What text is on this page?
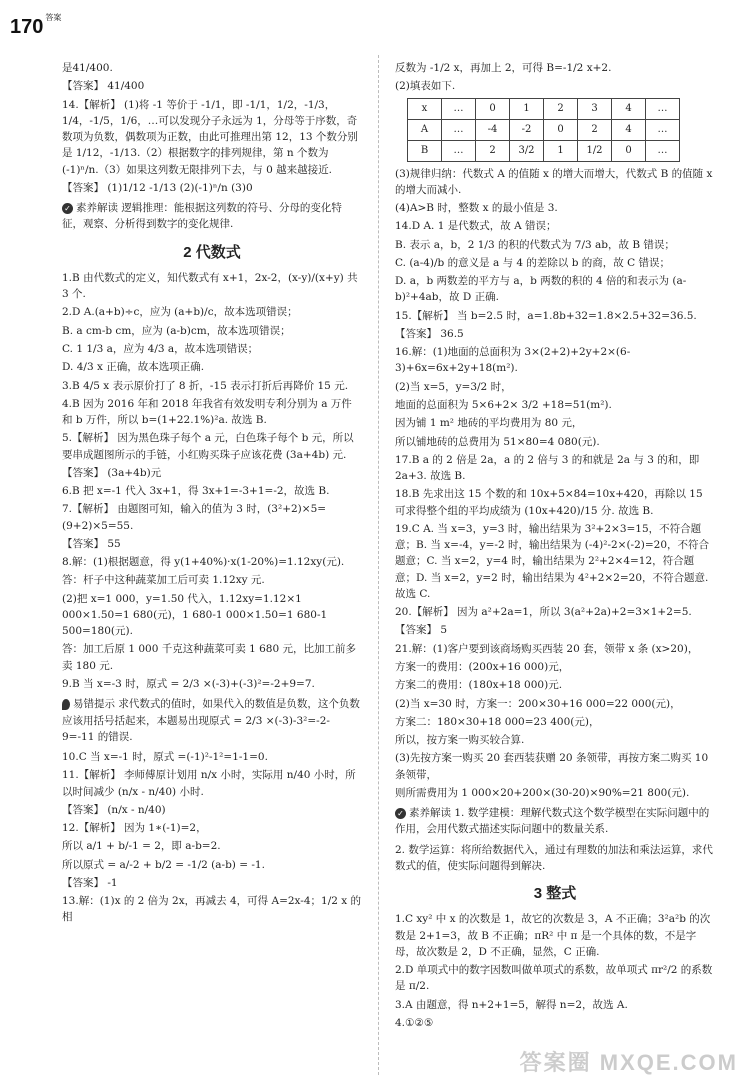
170 $^{答案}$

是41/400.

【答案】 41/400

14.【解析】 (1)将 -1 等价于 -1/1，即 -1/1，1/2，-1/3，1/4，-1/5，1/6，…可以发现分子永远为 1，分母等于序数，奇数项为负数，偶数项为正数，由此可推理出第 12，13 个数分别是 1/12，-1/13.（2）根据数字的排列规律，第 n 个数为 (-1)ⁿ/n.（3）如果这列数无限排列下去，与 0 越来越接近.

【答案】 (1)1/12 -1/13 (2)(-1)ⁿ/n (3)0

✓ 素养解读 逻辑推理：能根据这列数的符号、分母的变化特征，观察、分析得到数字的变化规律.

2 代数式

1.B 由代数式的定义，知代数式有 x+1，2x-2，(x-y)/(x+y) 共 3 个.

2.D A.(a+b)÷c，应为 (a+b)/c，故本选项错误；

B. a cm-b cm，应为 (a-b)cm，故本选项错误；

C. 1 1/3 a，应为 4/3 a，故本选项错误；

D. 4/3 x 正确，故本选项正确.

3.B 4/5 x 表示原价打了 8 折，-15 表示打折后再降价 15 元.

4.B 因为 2016 年和 2018 年我省有效发明专利分别为 a 万件和 b 万件，所以 b=(1+22.1%)²a. 故选 B.

5.【解析】 因为黑色珠子每个 a 元，白色珠子每个 b 元，所以要串成题图所示的手链，小红购买珠子应该花费 (3a+4b) 元.

【答案】 (3a+4b)元

6.B 把 x=-1 代入 3x+1，得 3x+1=-3+1=-2，故选 B.

7.【解析】 由题图可知，输入的值为 3 时，(3²+2)×5=(9+2)×5=55.

【答案】 55

8.解：(1)根据题意，得 y(1+40%)·x(1-20%)=1.12xy(元).

答：杆子中这种蔬菜加工后可卖 1.12xy 元.

(2)把 x=1 000，y=1.50 代入，1.12xy=1.12×1 000×1.50=1 680(元)，1 680-1 000×1.50=1 680-1 500=180(元).

答：加工后原 1 000 千克这种蔬菜可卖 1 680 元，比加工前多卖 180 元.

9.B 当 x=-3 时，原式 = 2/3 ×(-3)+(-3)²=-2+9=7.

易错提示 求代数式的值时，如果代入的数值是负数，这个负数应该用括号括起来，本题易出现原式 = 2/3 ×(-3)-3²=-2-9=-11 的错误.

10.C 当 x=-1 时，原式 =(-1)²-1²=1-1=0.

11.【解析】 李师傅原计划用 n/x 小时，实际用 n/40 小时，所以时间减少 (n/x - n/40) 小时.

【答案】 (n/x - n/40)

12.【解析】 因为 1∗(-1)=2，

所以 a/1 + b/-1 = 2，即 a-b=2.

所以原式 = a/-2 + b/2 = -1/2 (a-b) = -1.

【答案】 -1

13.解：(1)x 的 2 倍为 2x，再减去 4，可得 A=2x-4；1/2 x 的相

反数为 -1/2 x，再加上 2，可得 B=-1/2 x+2.

(2)填表如下.

x	…	0	1	2	3	4	…
A	…	-4	-2	0	2	4	…
B	…	2	3/2	1	1/2	0	…

(3)规律归纳：代数式 A 的值随 x 的增大而增大，代数式 B 的值随 x 的增大而减小.

(4)A>B 时，整数 x 的最小值是 3.

14.D A. 1 是代数式，故 A 错误；

B. 表示 a，b，2 1/3 的积的代数式为 7/3 ab，故 B 错误；

C. (a-4)/b 的意义是 a 与 4 的差除以 b 的商，故 C 错误；

D. a，b 两数差的平方与 a，b 两数的积的 4 倍的和表示为 (a-b)²+4ab，故 D 正确.

15.【解析】 当 b=2.5 时，a=1.8b+32=1.8×2.5+32=36.5.

【答案】 36.5

16.解：(1)地面的总面积为 3×(2+2)+2y+2×(6-3)+6x=6x+2y+18(m²).

(2)当 x=5，y=3/2 时，

地面的总面积为 5×6+2× 3/2 +18=51(m²).

因为铺 1 m² 地砖的平均费用为 80 元，

所以铺地砖的总费用为 51×80=4 080(元).

17.B a 的 2 倍是 2a，a 的 2 倍与 3 的和就是 2a 与 3 的和，即 2a+3. 故选 B.

18.B 先求出这 15 个数的和 10x+5×84=10x+420，再除以 15 可求得整个组的平均成绩为 (10x+420)/15 分. 故选 B.

19.C A. 当 x=3，y=3 时，输出结果为 3²+2×3=15，不符合题意；B. 当 x=-4，y=-2 时，输出结果为 (-4)²-2×(-2)=20，不符合题意；C. 当 x=2，y=4 时，输出结果为 2²+2×4=12，符合题意；D. 当 x=2，y=2 时，输出结果为 4²+2×2=20，不符合题意. 故选 C.

20.【解析】 因为 a²+2a=1，所以 3(a²+2a)+2=3×1+2=5.

【答案】 5

21.解：(1)客户要到该商场购买西装 20 套，领带 x 条 (x>20)，

方案一的费用：(200x+16 000)元，

方案二的费用：(180x+18 000)元.

(2)当 x=30 时，方案一：200×30+16 000=22 000(元)，

方案二：180×30+18 000=23 400(元)，

所以，按方案一购买较合算.

(3)先按方案一购买 20 套西装获赠 20 条领带，再按方案二购买 10 条领带，

则所需费用为 1 000×20+200×(30-20)×90%=21 800(元).

✓ 素养解读 1. 数学建模：理解代数式这个数学模型在实际问题中的作用，会用代数式描述实际问题中的数量关系.

2. 数学运算：将所给数据代入，通过有理数的加法和乘法运算，求代数式的值，使实际问题得到解决.

3 整式

1.C xy² 中 x 的次数是 1，故它的次数是 3，A 不正确；3²a²b 的次数是 2+1=3，故 B 不正确；πR² 中 π 是一个具体的数，不是字母，故次数是 2，D 不正确，显然，C 正确.

2.D 单项式中的数字因数叫做单项式的系数，故单项式 πr²/2 的系数是 π/2.

3.A 由题意，得 n+2+1=5，解得 n=2，故选 A.

4.①②⑤

答案圈 MXQE.COM
